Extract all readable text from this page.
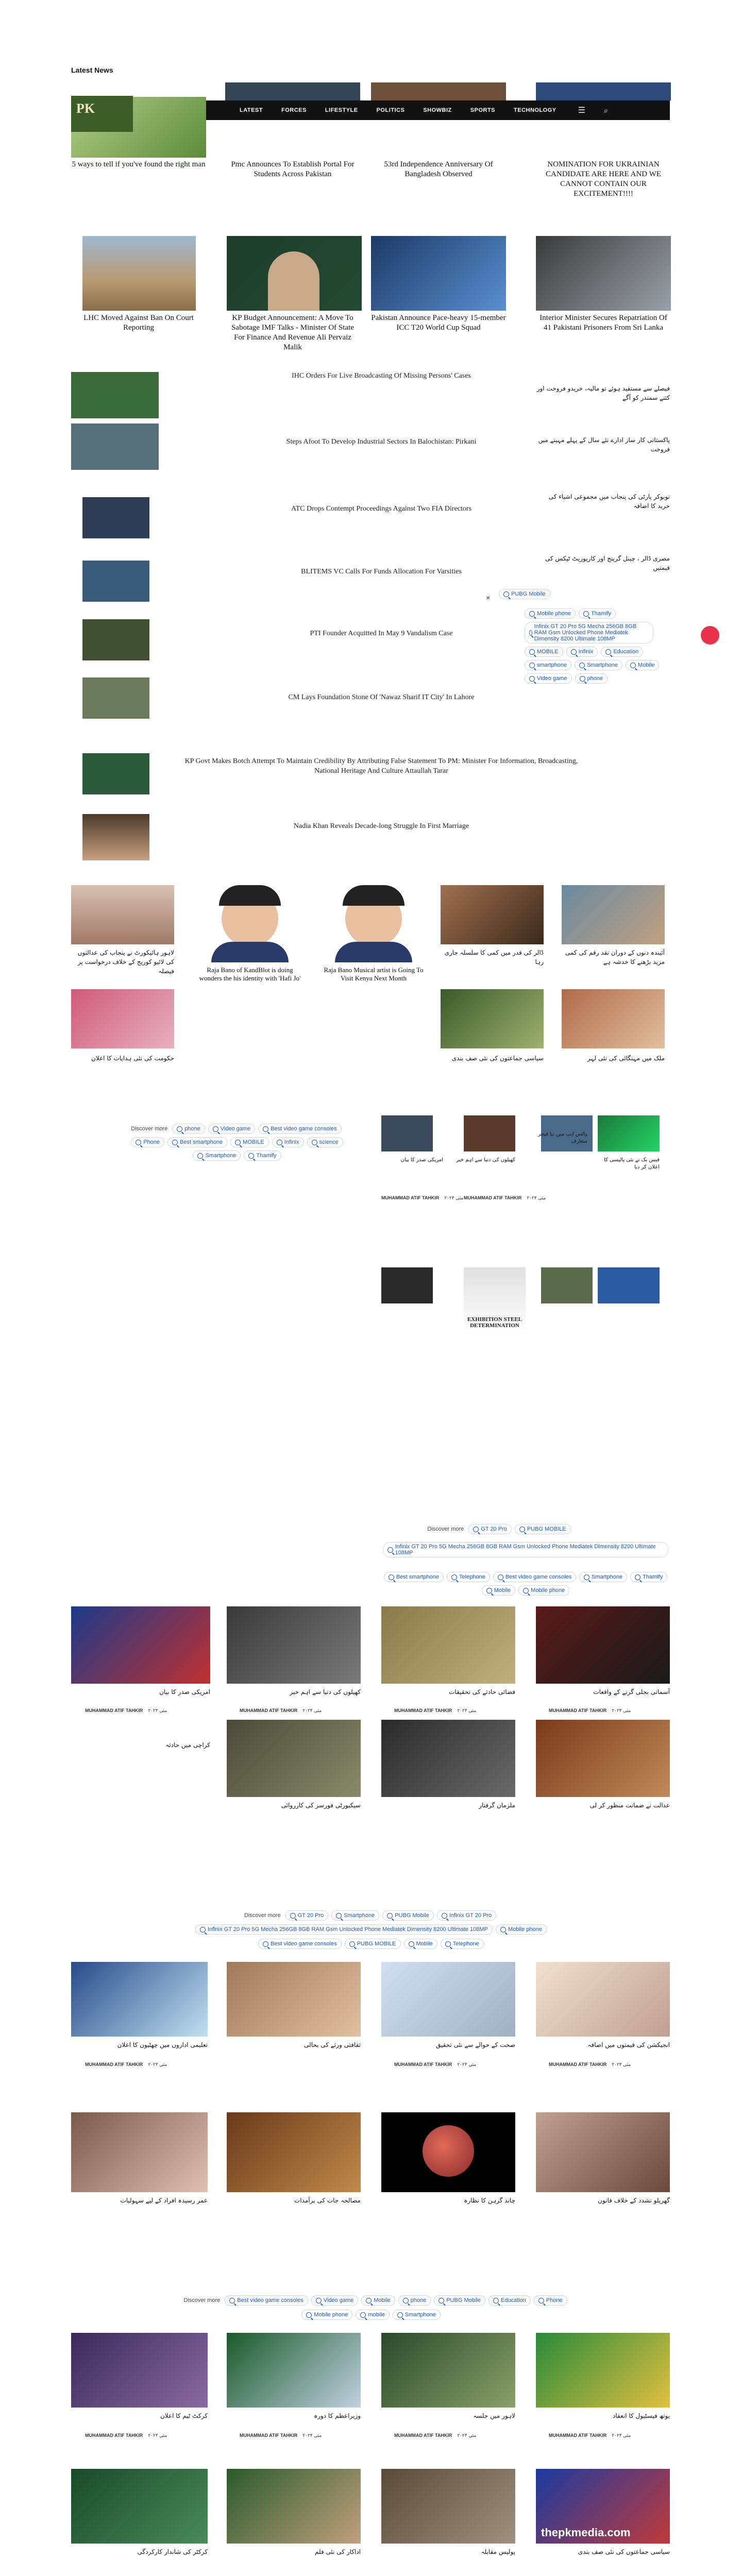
Latest News
PK	LATEST	FORCES	LIFESTYLE	POLITICS	SHOWBIZ	SPORTS	TECHNOLOGY	☰	⌕
5 ways to tell if you've found the right man	Pmc Announces To Establish Portal For Students Across Pakistan
53rd Independence Anniversary Of Bangladesh Observed
NOMINATION FOR UKRAINIAN CANDIDATE ARE HERE AND WE CANNOT CONTAIN OUR EXCITEMENT!!!!
LHC Moved Against Ban On Court Reporting
KP Budget Announcement: A Move To Sabotage IMF Talks - Minister Of State For Finance And Revenue Ali Pervaiz Malik
Pakistan Announce Pace-heavy 15-member ICC T20 World Cup Squad
Interior Minister Secures Repatriation Of 41 Pakistani Prisoners From Sri Lanka
IHC Orders For Live Broadcasting Of Missing Persons' Cases
فیصلے سے مستفید ہوئے تو مالیہ، خریدو فروخت اور کتنے سمندر کو آگے
Steps Afoot To Develop Industrial Sectors In Balochistan: Pirkani	پاکستانی کار ساز ادارے نئے سال کے پہلے مہینے میں فروخت
ATC Drops Contempt Proceedings Against Two FIA Directors
توبوکر پارٹی کی پنجاب میں مجموعی اشیاء کی خرید کا اضافہ
BLITEMS VC Calls For Funds Allocation For Varsities
مصری ڈالر ، چینل گرینج اور کارپوریٹ ٹیکس کی قیمتیں
PTI Founder Acquitted In May 9 Vandalism Case
CM Lays Foundation Stone Of 'Nawaz Sharif IT City' In Lahore
KP Govt Makes Botch Attempt To Maintain Credibility By Attributing False Statement To PM: Minister For Information, Broadcasting, National Heritage And Culture Attaullah Tarar
Nadia Khan Reveals Decade-long Struggle In First Marriage
×	PUBG Mobile
Mobile phone	Thamify
Infinix GT 20 Pro 5G Mecha 256GB 8GB RAM Gsm Unlocked Phone Mediatek Dimensity 8200 Ultimate 108MP
MOBILE	Infinix	Education
smartphone	Smartphone	Mobile
Video game	phone
لاہور ہائیکورٹ نے پنجاب کی عدالتوں کی لائیو کوریج کے خلاف درخواست پر فیصلہ	Raja Bano of KandBlot is doing wonders the his identity with 'Hafi Jo'
Raja Bano Musical artist is Going To Visit Kenya Next Month
ڈالر کی قدر میں کمی کا سلسلہ جاری رہا
آئیندہ دنوں کے دوران نقد رقم کی کمی مزید بڑھنے کا خدشہ ہے
حکومت کی نئی ہدایات کا اعلان	سیاسی جماعتوں کی نئی صف بندی	ملک میں مہنگائی کی نئی لہر
Discover more	phone	Video game	Best video game consoles
Phone	Best smartphone	MOBILE	Infinix	science
Smartphone	Thamify
امریکی صدر کا بیان	کھیلوں کی دنیا سے اہم خبر
واٹس ایپ میں نیا فیچر متعارف
فیس بک نے نئی پالیسی کا اعلان کر دیا
MUHAMMAD ATIF TAHKIR مئی ۲۰۲۴ MUHAMMAD ATIF TAHKIR مئی ۲۰۲۴
EXHIBITION STEEL DETERMINATION
Discover more	GT 20 Pro	PUBG MOBILE
Infinix GT 20 Pro 5G Mecha 256GB 8GB RAM Gsm Unlocked Phone Mediatek Dimensity 8200 Ultimate 108MP
Best smartphone	Telephone	Best video game consoles	Smartphone	Thamify
Mobile	Mobile phone
امریکی صدر کا بیان	کھیلوں کی دنیا سے اہم خبر	فضائی حادثے کی تحقیقات	آسمانی بجلی گرنے کے واقعات
MUHAMMAD ATIF TAHKIR مئی ۲۰۲۴	MUHAMMAD ATIF TAHKIR مئی ۲۰۲۴	MUHAMMAD ATIF TAHKIR مئی ۲۰۲۴	MUHAMMAD ATIF TAHKIR مئی ۲۰۲۴
کراچی میں حادثہ
سیکیورٹی فورسز کی کارروائی	ملزمان گرفتار	عدالت نے ضمانت منظور کر لی
Discover more	GT 20 Pro	Smartphone	PUBG Mobile	Infinix GT 20 Pro
Infinix GT 20 Pro 5G Mecha 256GB 8GB RAM Gsm Unlocked Phone Mediatek Dimensity 8200 Ultimate 108MP	Mobile phone
Best video game consoles	PUBG MOBILE	Mobile	Telephone
تعلیمی اداروں میں چھٹیوں کا اعلان	ثقافتی ورثے کی بحالی	صحت کے حوالے سے نئی تحقیق	انجیکشن کی قیمتوں میں اضافہ
MUHAMMAD ATIF TAHKIR مئی ۲۰۲۴	MUHAMMAD ATIF TAHKIR مئی ۲۰۲۴	MUHAMMAD ATIF TAHKIR مئی ۲۰۲۴
عمر رسیدہ افراد کے لیے سہولیات	مصالحہ جات کی برآمدات	چاند گرہن کا نظارہ	گھریلو تشدد کے خلاف قانون
Discover more	Best video game consoles	Video game	Mobile	phone	PUBG Mobile	Education	Phone
Mobile phone	mobile	Smartphone
کرکٹ ٹیم کا اعلان	وزیراعظم کا دورہ	لاہور میں جلسہ	یوتھ فیسٹیول کا انعقاد
MUHAMMAD ATIF TAHKIR مئی ۲۰۲۴	MUHAMMAD ATIF TAHKIR مئی ۲۰۲۴	MUHAMMAD ATIF TAHKIR مئی ۲۰۲۴	MUHAMMAD ATIF TAHKIR مئی ۲۰۲۴
thepkmedia.com
کرکٹر کی شاندار کارکردگی	اداکار کی نئی فلم	پولیس مقابلہ	سیاسی جماعتوں کی نئی صف بندی
